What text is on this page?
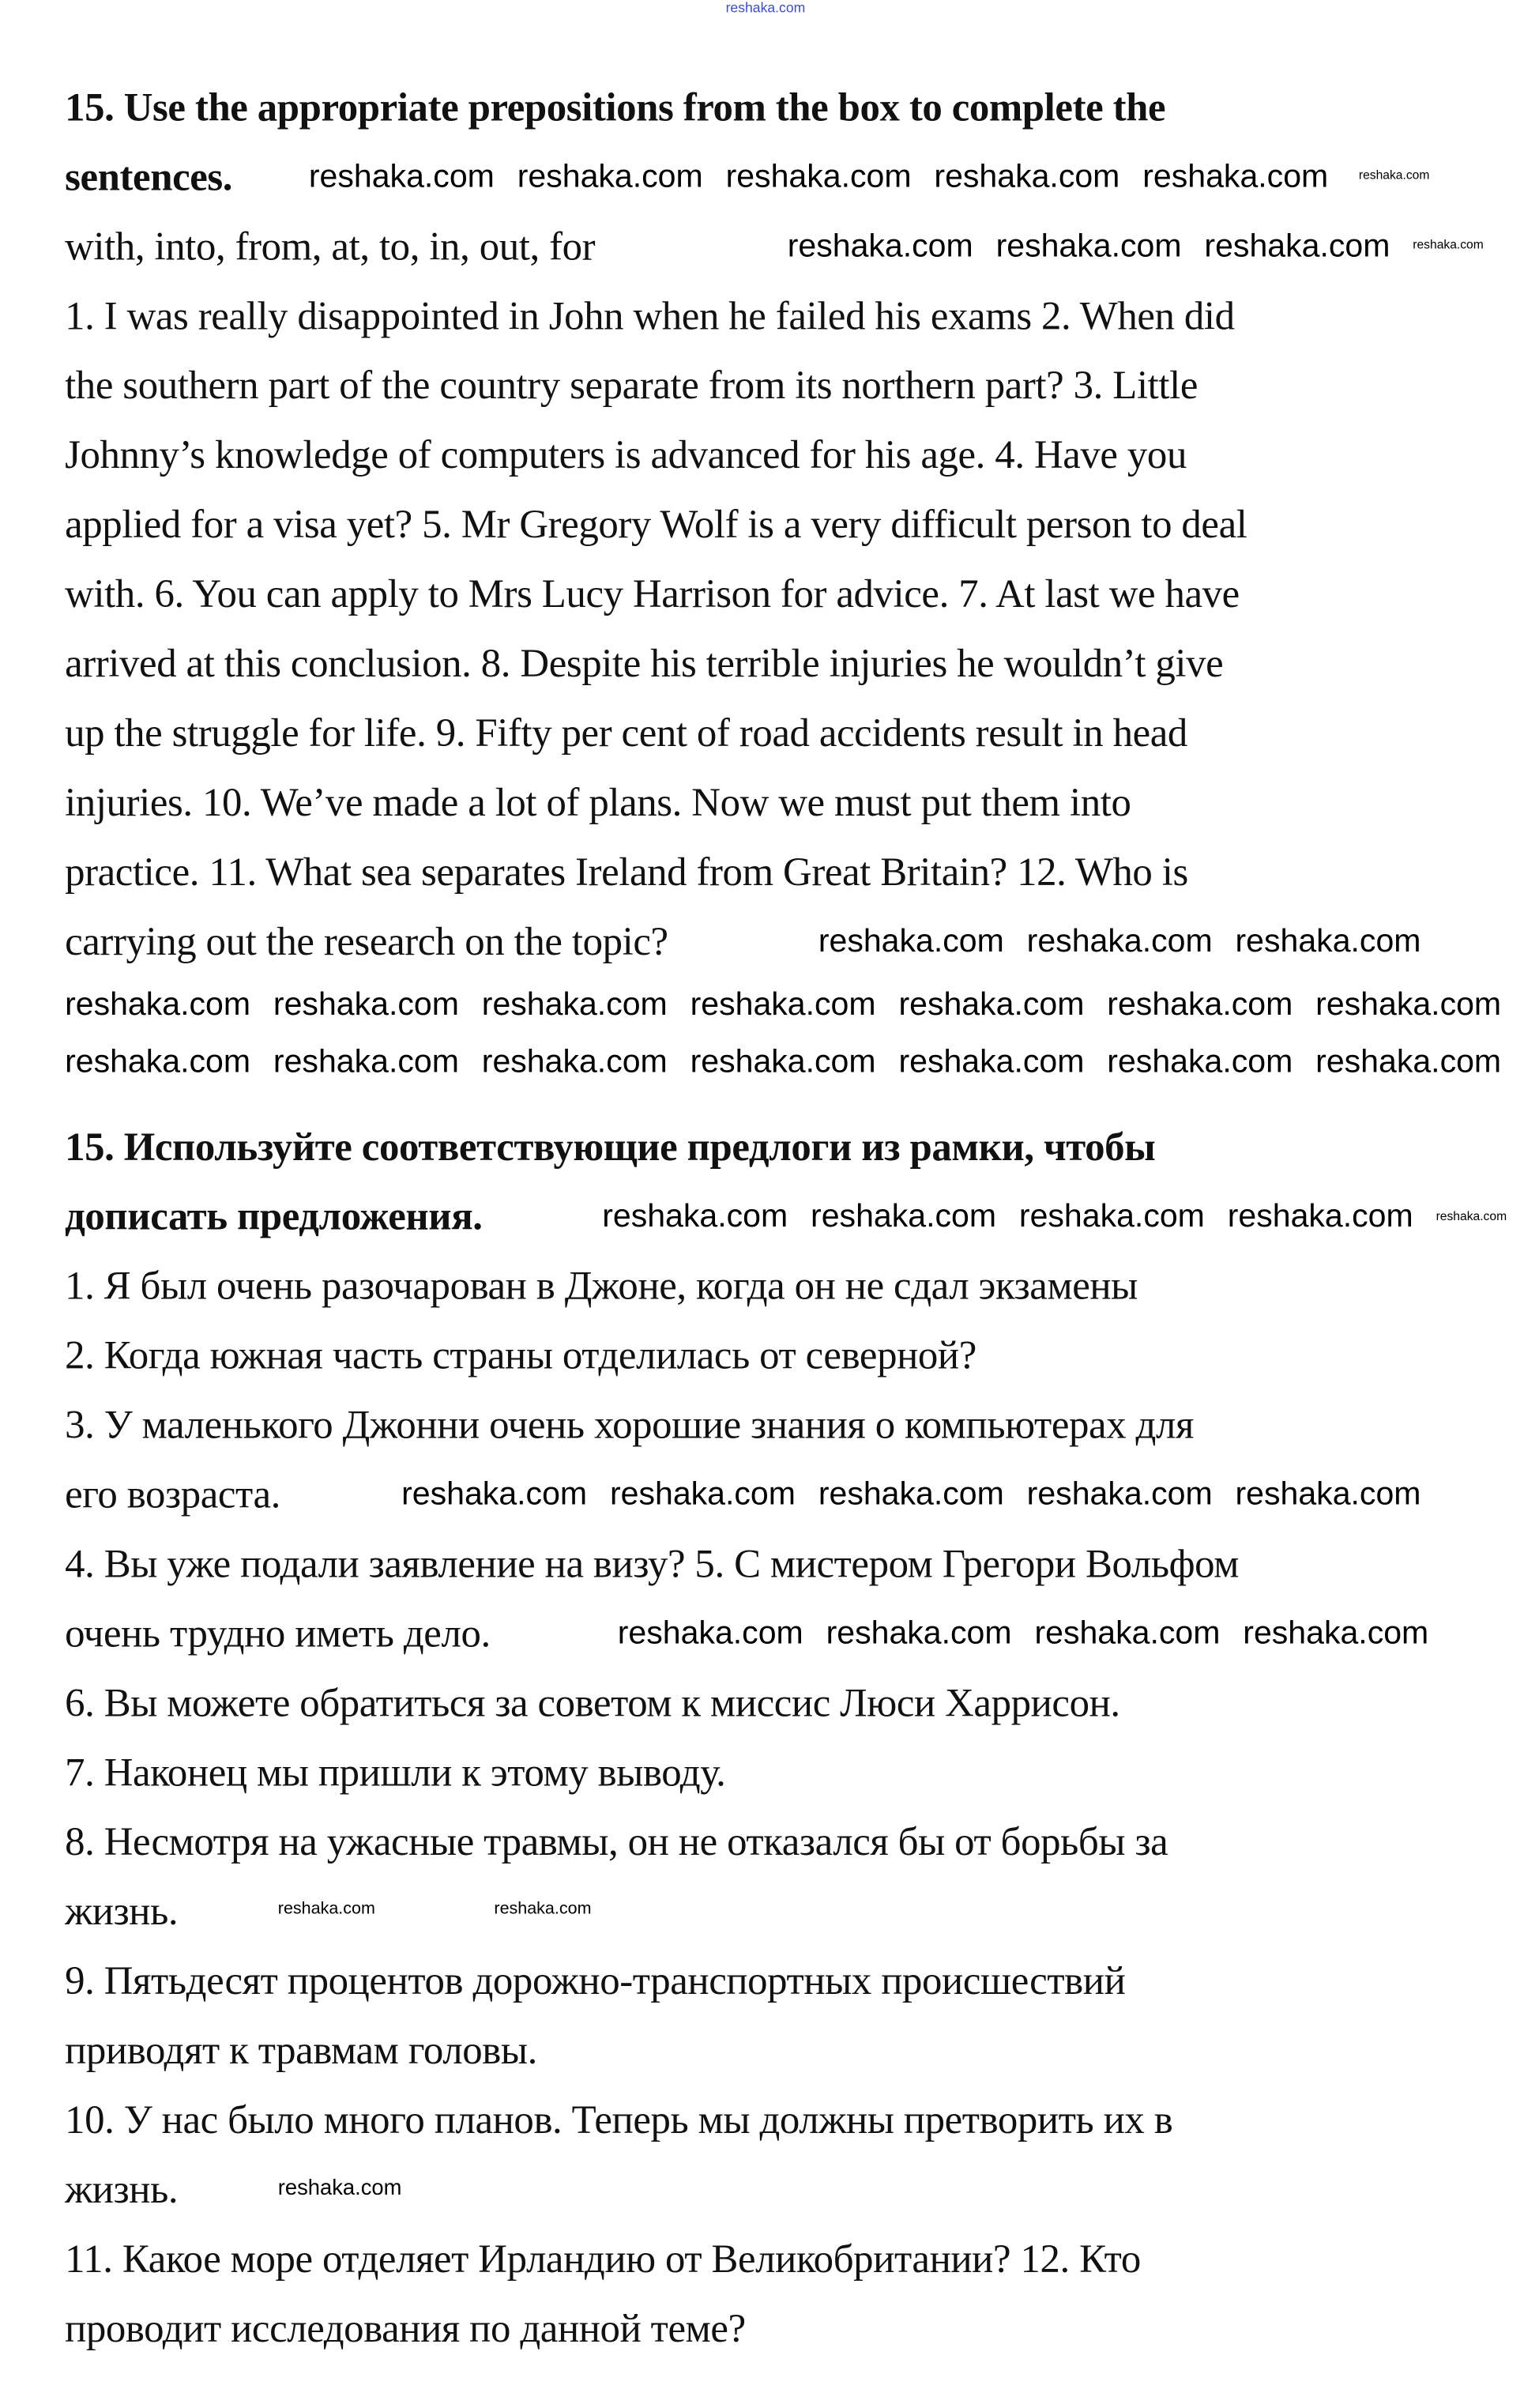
15. Use the appropriate prepositions from the box to complete the
sentences.
with, into, from, at, to, in, out, for
1. I was really disappointed in John when he failed his exams 2. When did
the southern part of the country separate from its northern part? 3. Little
Johnny’s knowledge of computers is advanced for his age. 4. Have you
applied for a visa yet? 5. Mr Gregory Wolf is a very difficult person to deal
with. 6. You can apply to Mrs Lucy Harrison for advice. 7. At last we have
arrived at this conclusion. 8. Despite his terrible injuries he wouldn’t give
up the struggle for life. 9. Fifty per cent of road accidents result in head
injuries. 10. We’ve made a lot of plans. Now we must put them into
practice. 11. What sea separates Ireland from Great Britain? 12. Who is
carrying out the research on the topic?
15. Используйте соответствующие предлоги из рамки, чтобы
дописать предложения.
1. Я был очень разочарован в Джоне, когда он не сдал экзамены
2. Когда южная часть страны отделилась от северной?
3. У маленького Джонни очень хорошие знания о компьютерах для
его возраста.
4. Вы уже подали заявление на визу? 5. С мистером Грегори Вольфом
очень трудно иметь дело.
6. Вы можете обратиться за советом к миссис Люси Харрисон.
7. Наконец мы пришли к этому выводу.
8. Несмотря на ужасные травмы, он не отказался бы от борьбы за
жизнь.
9. Пятьдесят процентов дорожно-транспортных происшествий
приводят к травмам головы.
10. У нас было много планов. Теперь мы должны претворить их в
жизнь.
11. Какое море отделяет Ирландию от Великобритании? 12. Кто
проводит исследования по данной теме?
reshaka.com
reshaka.com reshaka.com reshaka.com reshaka.com reshaka.com	reshaka.com
reshaka.com reshaka.com reshaka.com	reshaka.com
reshaka.com reshaka.com reshaka.com
reshaka.com reshaka.com reshaka.com reshaka.com reshaka.com reshaka.com reshaka.com
reshaka.com reshaka.com reshaka.com reshaka.com reshaka.com reshaka.com reshaka.com
reshaka.com reshaka.com reshaka.com reshaka.com	reshaka.com
reshaka.com reshaka.com reshaka.com reshaka.com reshaka.com
reshaka.com reshaka.com reshaka.com reshaka.com
reshaka.com	reshaka.com
reshaka.com
